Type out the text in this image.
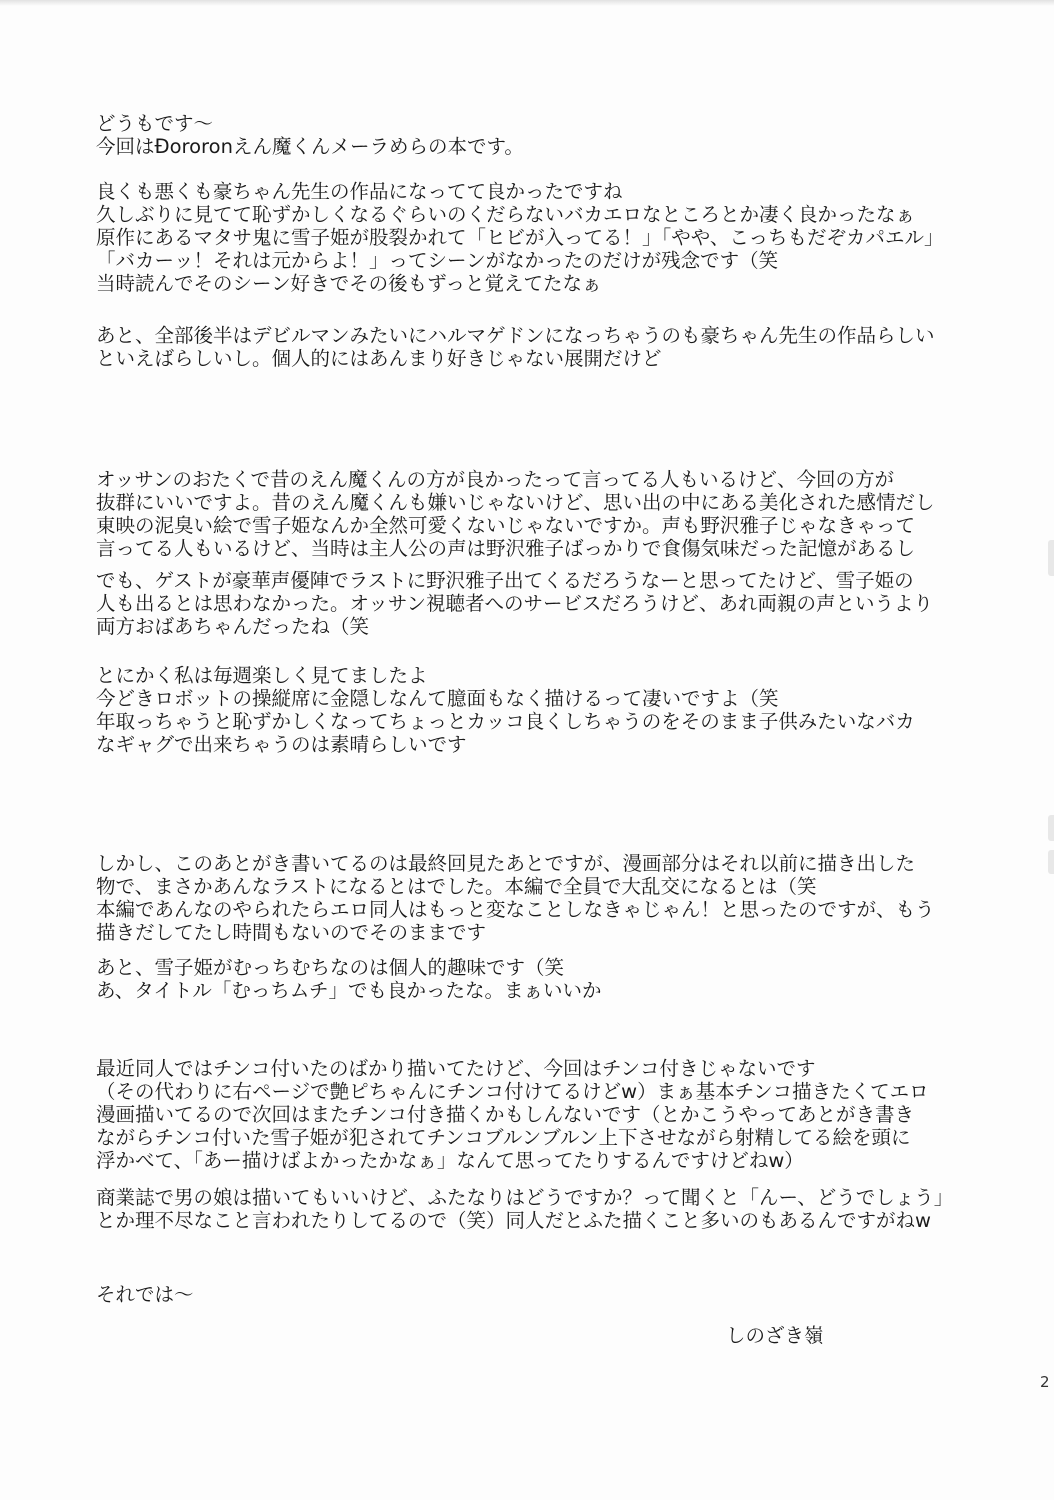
どうもです～
今回はÐororonえん魔くんメーラめらの本です。
良くも悪くも豪ちゃん先生の作品になってて良かったですね
久しぶりに見てて恥ずかしくなるぐらいのくだらないバカエロなところとか凄く良かったなぁ
原作にあるマタサ鬼に雪子姫が股裂かれて「ヒビが入ってる！」「やや、こっちもだぞカパエル」
「バカーッ！それは元からよ！」ってシーンがなかったのだけが残念です（笑
当時読んでそのシーン好きでその後もずっと覚えてたなぁ
あと、全部後半はデビルマンみたいにハルマゲドンになっちゃうのも豪ちゃん先生の作品らしい
といえばらしいし。個人的にはあんまり好きじゃない展開だけど
オッサンのおたくで昔のえん魔くんの方が良かったって言ってる人もいるけど、今回の方が
抜群にいいですよ。昔のえん魔くんも嫌いじゃないけど、思い出の中にある美化された感情だし
東映の泥臭い絵で雪子姫なんか全然可愛くないじゃないですか。声も野沢雅子じゃなきゃって
言ってる人もいるけど、当時は主人公の声は野沢雅子ばっかりで食傷気味だった記憶があるし
でも、ゲストが豪華声優陣でラストに野沢雅子出てくるだろうなーと思ってたけど、雪子姫の
人も出るとは思わなかった。オッサン視聴者へのサービスだろうけど、あれ両親の声というより
両方おばあちゃんだったね（笑
とにかく私は毎週楽しく見てましたよ
今どきロボットの操縦席に金隠しなんて臆面もなく描けるって凄いですよ（笑
年取っちゃうと恥ずかしくなってちょっとカッコ良くしちゃうのをそのまま子供みたいなバカ
なギャグで出来ちゃうのは素晴らしいです
しかし、このあとがき書いてるのは最終回見たあとですが、漫画部分はそれ以前に描き出した
物で、まさかあんなラストになるとはでした。本編で全員で大乱交になるとは（笑
本編であんなのやられたらエロ同人はもっと変なことしなきゃじゃん！と思ったのですが、もう
描きだしてたし時間もないのでそのままです
あと、雪子姫がむっちむちなのは個人的趣味です（笑
あ、タイトル「むっちムチ」でも良かったな。まぁいいか
最近同人ではチンコ付いたのばかり描いてたけど、今回はチンコ付きじゃないです
（その代わりに右ページで艶ピちゃんにチンコ付けてるけどw）まぁ基本チンコ描きたくてエロ
漫画描いてるので次回はまたチンコ付き描くかもしんないです（とかこうやってあとがき書き
ながらチンコ付いた雪子姫が犯されてチンコブルンブルン上下させながら射精してる絵を頭に
浮かべて、「あー描けばよかったかなぁ」なんて思ってたりするんですけどねw）
商業誌で男の娘は描いてもいいけど、ふたなりはどうですか？って聞くと「んー、どうでしょう」
とか理不尽なこと言われたりしてるので（笑）同人だとふた描くこと多いのもあるんですがねw
それでは～
しのざき嶺
2
